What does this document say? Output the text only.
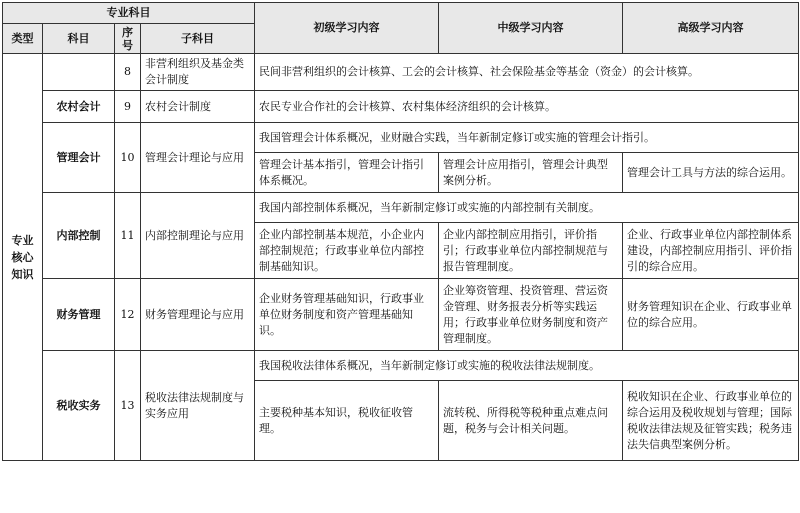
专业科目				初级学习内容	中级学习内容	高级学习内容
类型	科目	序号	子科目			
专业核心知识		8	非营利组织及基金类会计制度	民间非营利组织的会计核算、工会的会计核算、社会保险基金等基金（资金）的会计核算。		
	农村会计	9	农村会计制度	农民专业合作社的会计核算、农村集体经济组织的会计核算。		
	管理会计	10	管理会计理论与应用	我国管理会计体系概况，业财融合实践，当年新制定修订或实施的管理会计指引。		
				管理会计基本指引，管理会计指引体系概况。	管理会计应用指引，管理会计典型案例分析。	管理会计工具与方法的综合运用。
	内部控制	11	内部控制理论与应用	我国内部控制体系概况，当年新制定修订或实施的内部控制有关制度。		
				企业内部控制基本规范，小企业内部控制规范；行政事业单位内部控制基础知识。	企业内部控制应用指引，评价指引；行政事业单位内部控制规范与报告管理制度。	企业、行政事业单位内部控制体系建设，内部控制应用指引、评价指引的综合应用。
	财务管理	12	财务管理理论与应用	企业财务管理基础知识，行政事业单位财务制度和资产管理基础知识。	企业筹资管理、投资管理、营运资金管理、财务报表分析等实践运用；行政事业单位财务制度和资产管理制度。	财务管理知识在企业、行政事业单位的综合应用。
	税收实务	13	税收法律法规制度与实务应用	我国税收法律体系概况，当年新制定修订或实施的税收法律法规制度。		
				主要税种基本知识，税收征收管理。	流转税、所得税等税种重点难点问题，税务与会计相关问题。	税收知识在企业、行政事业单位的综合运用及税收规划与管理；国际税收法律法规及征管实践；税务违法失信典型案例分析。
